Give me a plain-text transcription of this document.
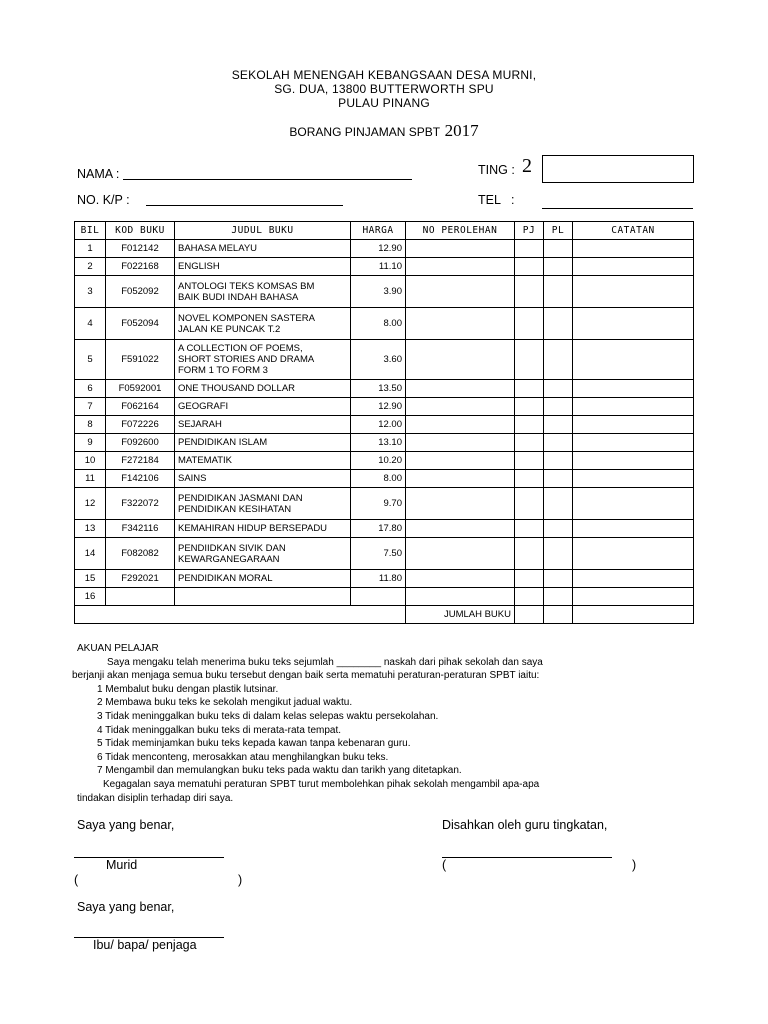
SEKOLAH MENENGAH KEBANGSAAN DESA MURNI,
SG. DUA, 13800 BUTTERWORTH SPU
PULAU PINANG
BORANG PINJAMAN SPBT 2017
NAMA :
NO. K/P :
TING : 2
TEL :
BIL	KOD BUKU	JUDUL BUKU	HARGA	NO PEROLEHAN	PJ	PL	CATATAN
1	F012142	BAHASA MELAYU	12.90				
2	F022168	ENGLISH	11.10				
3	F052092	ANTOLOGI TEKS KOMSAS BM
BAIK BUDI INDAH BAHASA	3.90				
4	F052094	NOVEL KOMPONEN SASTERA
JALAN KE PUNCAK T.2	8.00				
5	F591022	A COLLECTION OF POEMS,
SHORT STORIES AND DRAMA
FORM 1 TO FORM 3	3.60				
6	F0592001	ONE THOUSAND DOLLAR	13.50				
7	F062164	GEOGRAFI	12.90				
8	F072226	SEJARAH	12.00				
9	F092600	PENDIDIKAN ISLAM	13.10				
10	F272184	MATEMATIK	10.20				
11	F142106	SAINS	8.00				
12	F322072	PENDIDIKAN JASMANI DAN
PENDIDIKAN KESIHATAN	9.70				
13	F342116	KEMAHIRAN HIDUP BERSEPADU	17.80				
14	F082082	PENDIIDKAN SIVIK DAN
KEWARGANEGARAAN	7.50				
15	F292021	PENDIDIKAN MORAL	11.80				
16		

				JUMLAH BUKU			
AKUAN PELAJAR
Saya mengaku telah menerima buku teks sejumlah ________ naskah dari pihak sekolah dan saya
berjanji akan menjaga semua buku tersebut dengan baik serta mematuhi peraturan-peraturan SPBT iaitu:
1 Membalut buku dengan plastik lutsinar.
2 Membawa buku teks ke sekolah mengikut jadual waktu.
3 Tidak meninggalkan buku teks di dalam kelas selepas waktu persekolahan.
4 Tidak meninggalkan buku teks di merata-rata tempat.
5 Tidak meminjamkan buku teks kepada kawan tanpa kebenaran guru.
6 Tidak menconteng, merosakkan atau menghilangkan buku teks.
7 Mengambil dan memulangkan buku teks pada waktu dan tarikh yang ditetapkan.
Kegagalan saya mematuhi peraturan SPBT turut membolehkan pihak sekolah mengambil apa-apa
tindakan disiplin terhadap diri saya.
Saya yang benar,
Murid
(	)
Disahkan oleh guru tingkatan,
(	)
Saya yang benar,
Ibu/ bapa/ penjaga
